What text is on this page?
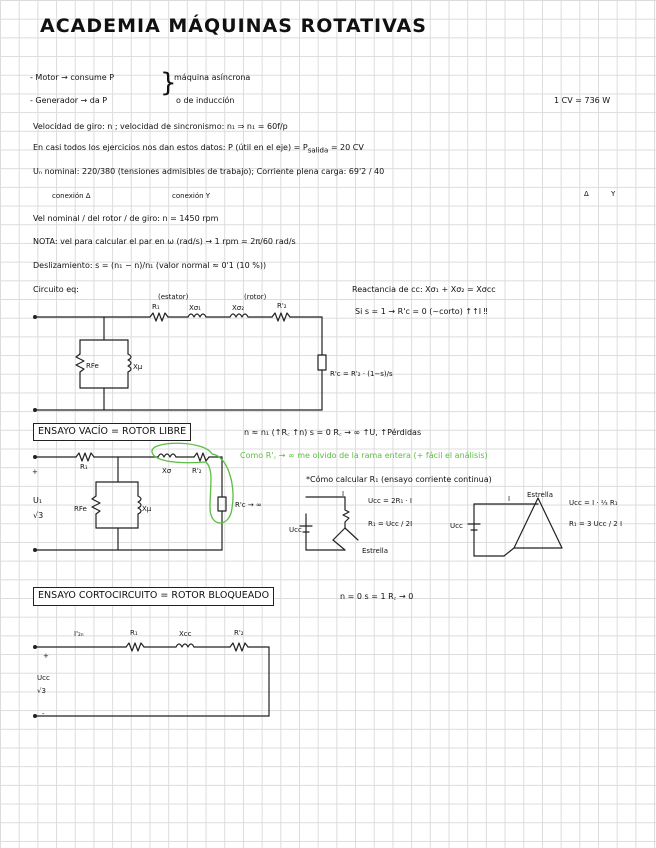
ACADEMIA MÁQUINAS ROTATIVAS
- Motor → consume P
- Generador → da P
}
máquina asíncrona
o de inducción	1 CV = 736 W
Velocidad de giro: n ; velocidad de sincronismo: n₁ ⇒ n₁ = 60f/p
En casi todos los ejercicios nos dan estos datos: P (útil en el $eje) = P_{salida} = 20$ CV
Uₙ nominal: 220/380 (tensiones admisibles de trabajo); Corriente plena carga: 69'2 / 40
conexión Δ	conexión Y	Δ	Y
Vel nominal / del rotor / de giro: n = 1450 rpm
NOTA: vel para calcular el par en ω (rad/s) → 1 rpm = 2π/60 rad/s
Deslizamiento: s = (n₁ − n)/n₁ (valor normal ≈ 0'1 (10 %))
Circuito eq:	Reactancia de cc: Xσ₁ + Xσ₂ = Xσcc
Si s = 1 → R'c = 0 (~corto) ↑↑I ‼
(estator)	(rotor)
R₁	Xσ₁	Xσ₂	R'₂
RFe	Xμ
R'c = R'₂ · (1−s)/s
ENSAYO VACÍO = ROTOR LIBRE	n ≈ n₁ (↑R꜀ ↑n) s = 0 R꜀ → ∞ ↑U, ↑Pérdidas
Como R'꜀ → ∞ me olvido de la rama entera (+ fácil el análisis)
*Cómo calcular R₁ (ensayo corriente continua)
+
U₁
√3
R₁	Xσ	R'₂
RFe	Xμ	R'c → ∞
Ucc
I
Ucc = 2R₁ · I
R₁ = Ucc / 2I
Estrella
Ucc
I Estrella
Ucc = I · ⅔ R₁
R₁ = 3 Ucc / 2 I
ENSAYO CORTOCIRCUITO = ROTOR BLOQUEADO	n = 0 s = 1 R꜀ → 0
I'₂ₙ	R₁	Xcc	R'₂
+
-
Ucc
√3
